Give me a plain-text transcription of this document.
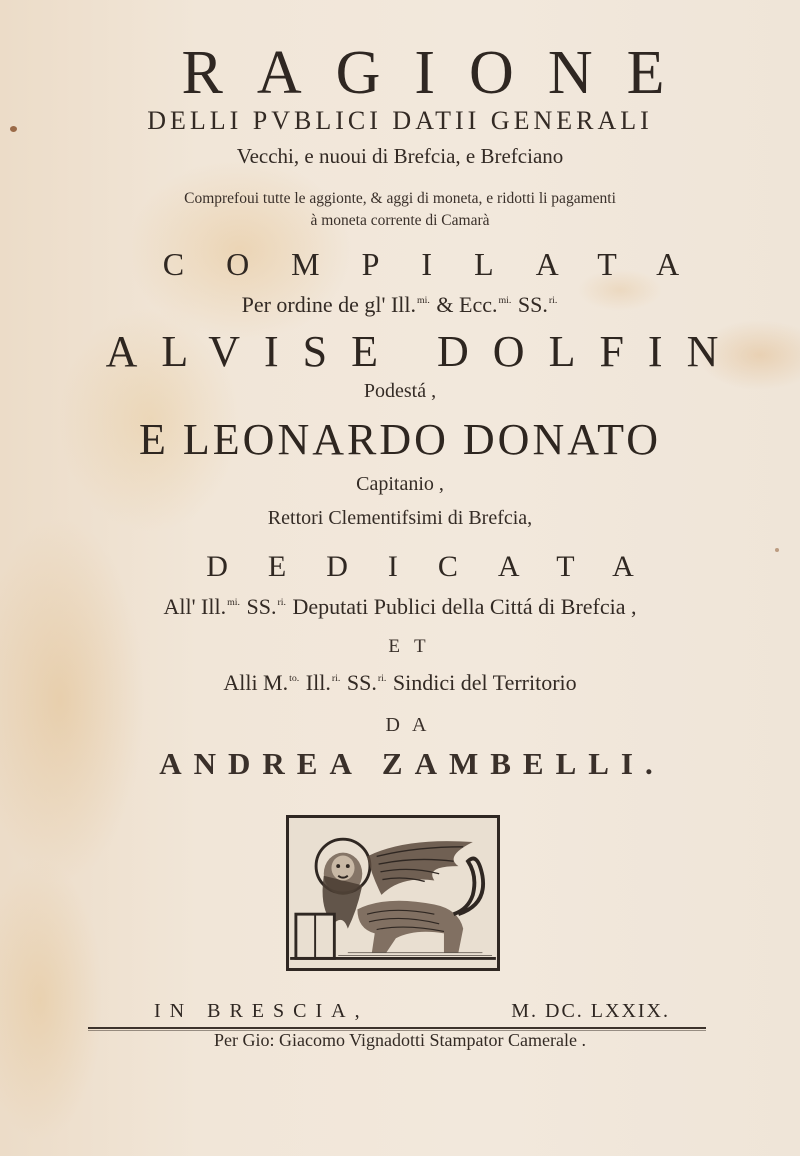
RAGIONE
DELLI PVBLICI DATII GENERALI
Vecchi, e nuoui di Brefcia, e Brefciano
Comprefoui tutte le aggionte, & aggi di moneta, e ridotti li pagamenti
à moneta corrente di Camarà
COMPILATA
Per ordine de gl' Ill.$^{mi.}$ & Ecc.$^{mi.}$ SS.$^{ri.}$
ALVISE DOLFIN
Podestá ,
E LEONARDO DONATO
Capitanio ,
Rettori Clementifsimi di Brefcia,
DEDICATA
All' Ill.$^{mi.}$ SS.$^{ri.}$ Deputati Publici della Cittá di Brefcia ,
ET
Alli M.$^{to.}$ Ill.$^{ri.}$ SS.$^{ri.}$ Sindici del Territorio
DA
ANDREA ZAMBELLI.
IN BRESCIA,	M. DC. LXXIX.
Per Gio: Giacomo Vignadotti Stampator Camerale .
